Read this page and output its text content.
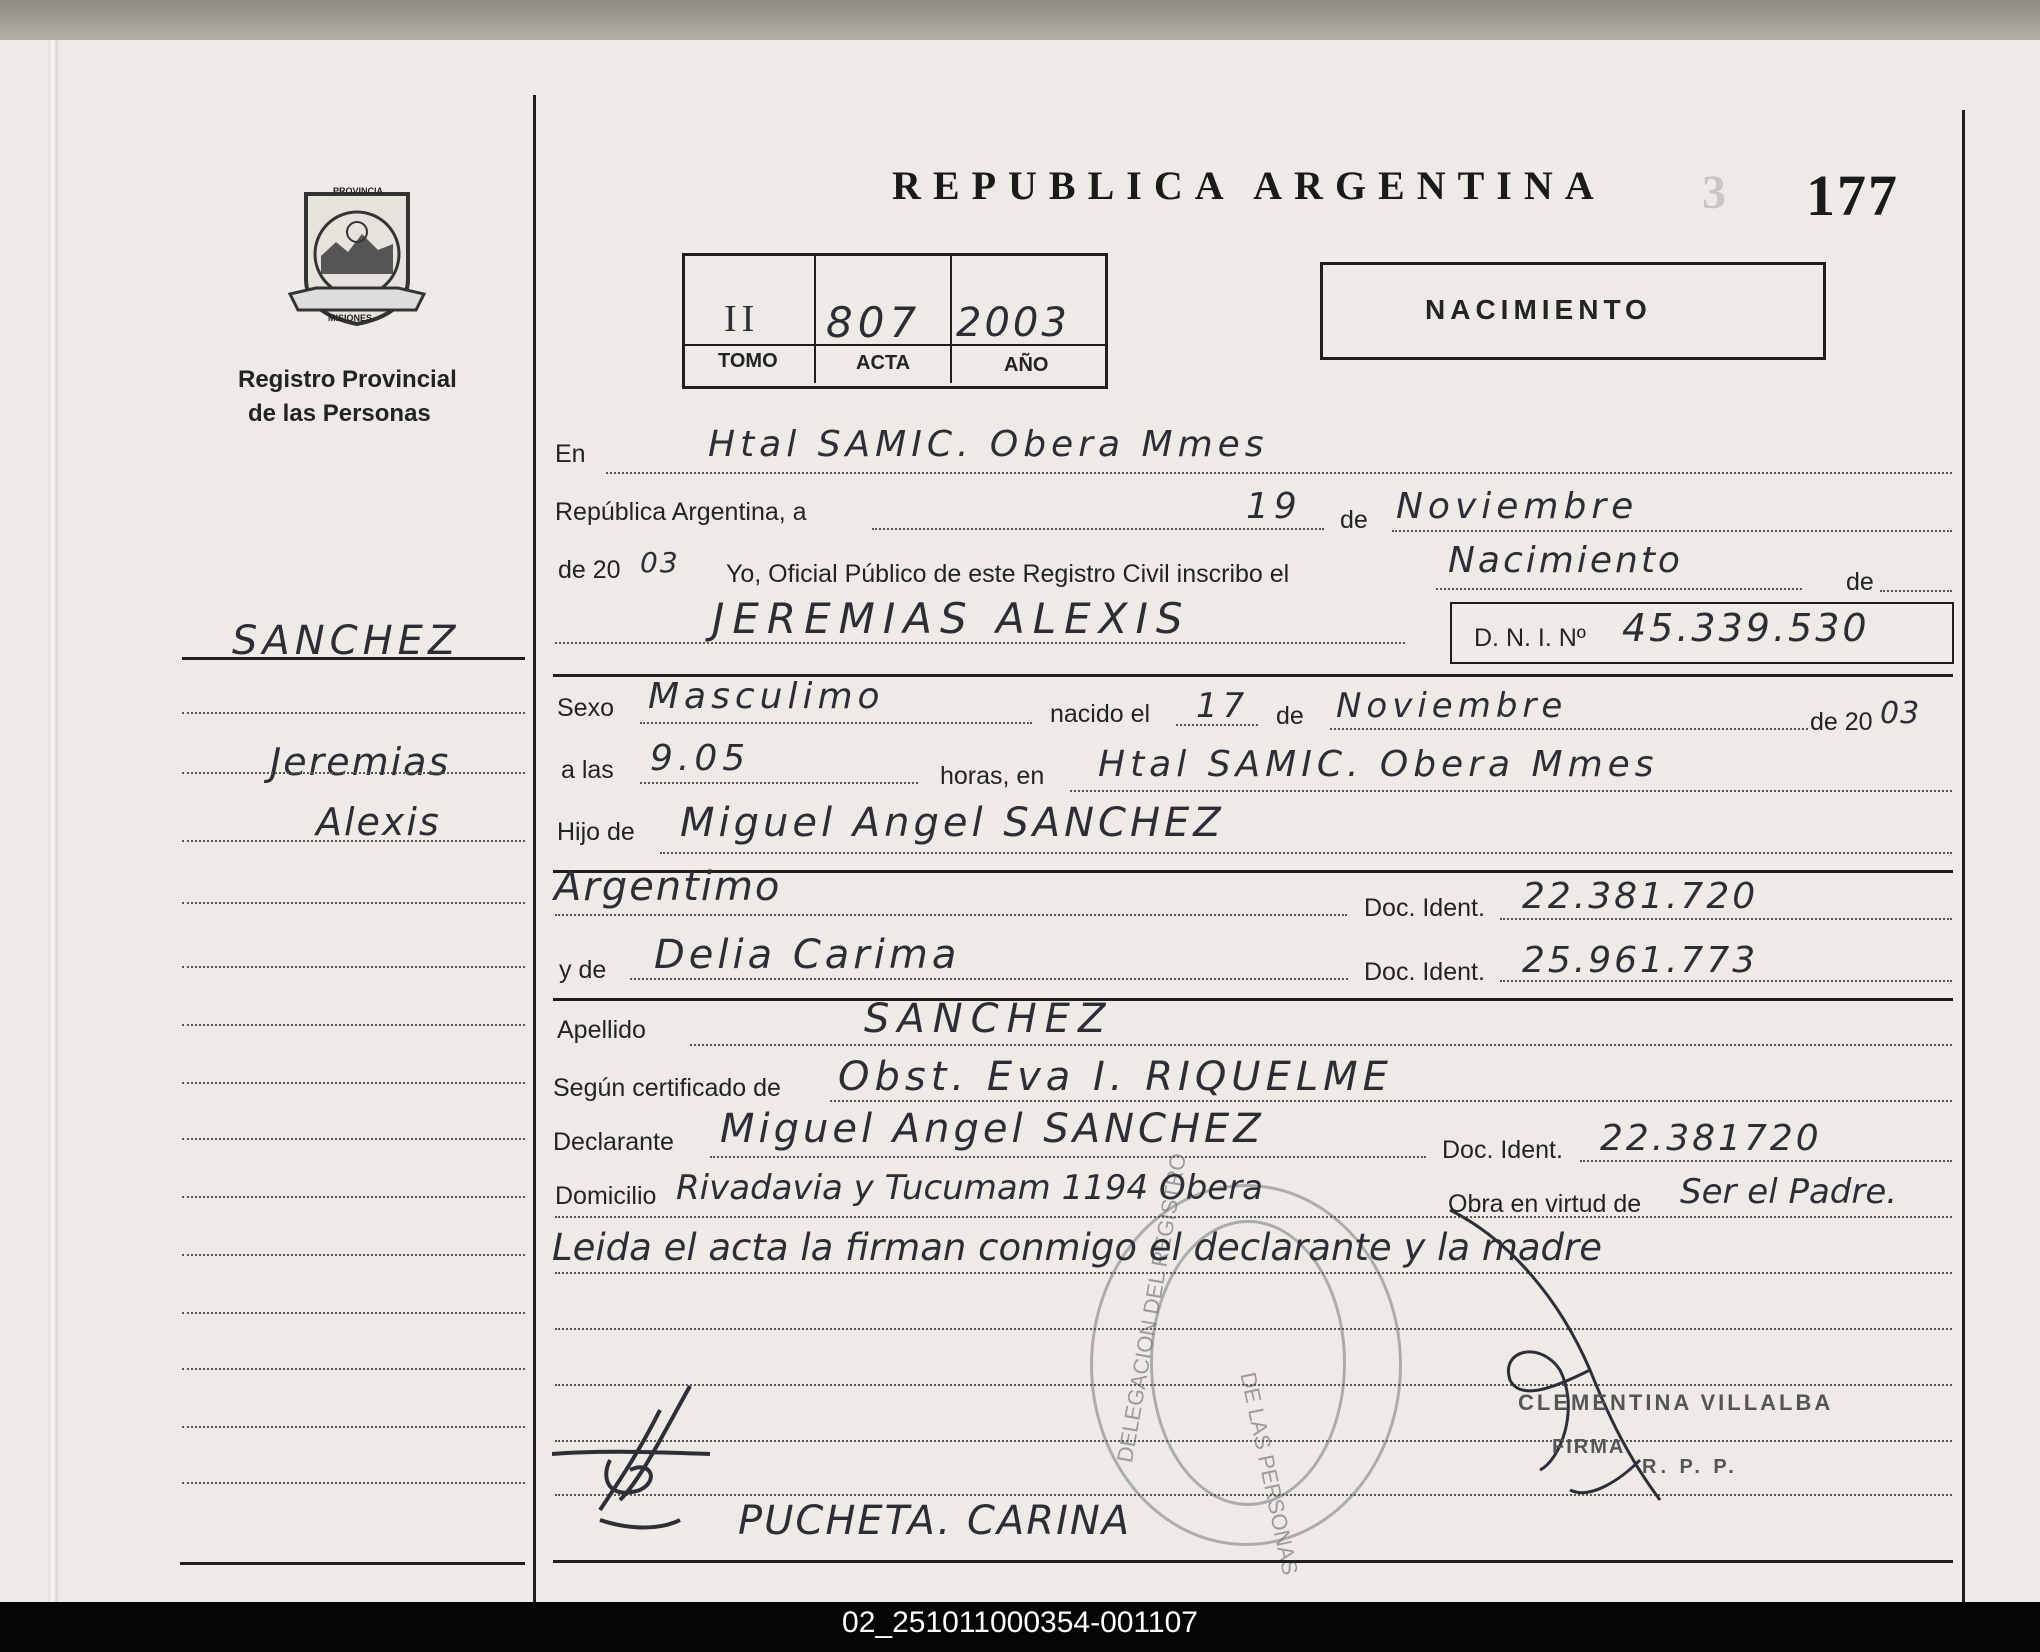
PROVINCIA
MISIONES
Registro Provincial
de las Personas
REPUBLICA ARGENTINA 3 177
II 807 2003
TOMO	ACTA	AÑO
NACIMIENTO
SANCHEZ
Jeremias
Alexis
En	Htal SAMIC. Obera Mmes
República Argentina, a	19 de Noviembre
de 20 03 Yo, Oficial Público de este Registro Civil inscribo el	Nacimiento
de
JEREMIAS ALEXIS	D. N. I. Nº 45.339.530
Sexo Masculimo	nacido el 17 de Noviembre	de 20 03
a las 9.05	horas, en Htal SAMIC. Obera Mmes
Hijo de Miguel Angel SANCHEZ
Argentimo	Doc. Ident. 22.381.720
y de Delia Carima	Doc. Ident. 25.961.773
Apellido	SANCHEZ
Según certificado de Obst. Eva I. RIQUELME
Declarante Miguel Angel SANCHEZ	Doc. Ident. 22.381720
DE LAS PERSONAS
DELEGACION DEL REGISTRO
Domicilio Rivadavia y Tucumam 1194 Obera	Obra en virtud de Ser el Padre.
Leida el acta la firman conmigo el declarante y la madre
PUCHETA. CARINA
CLEMENTINA VILLALBA
FIRMA
R. P. P.
02_251011000354-001107
